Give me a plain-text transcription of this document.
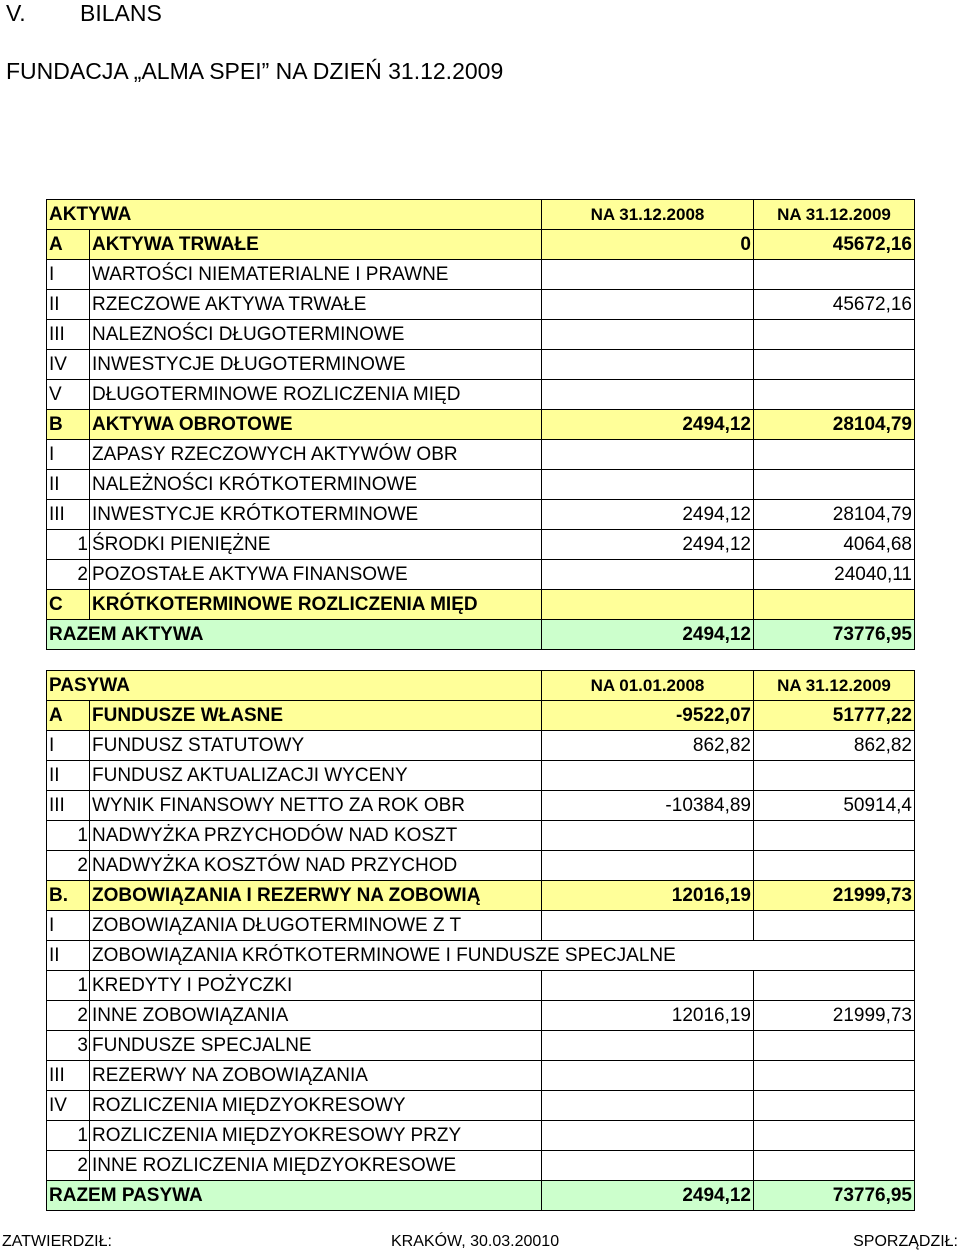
V. BILANS
FUNDACJA „ALMA SPEI” NA DZIEŃ 31.12.2009
AKTYWA		NA 31.12.2008	NA 31.12.2009
A	AKTYWA TRWAŁE	0	45672,16
I	WARTOŚCI NIEMATERIALNE I PRAWNE		
II	RZECZOWE AKTYWA TRWAŁE		45672,16
III	NALEZNOŚCI DŁUGOTERMINOWE		
IV	INWESTYCJE DŁUGOTERMINOWE		
V	DŁUGOTERMINOWE ROZLICZENIA MIĘD		
B	AKTYWA OBROTOWE	2494,12	28104,79
I	ZAPASY RZECZOWYCH AKTYWÓW OBR		
II	NALEŻNOŚCI KRÓTKOTERMINOWE		
III	INWESTYCJE KRÓTKOTERMINOWE	2494,12	28104,79
1	ŚRODKI PIENIĘŻNE	2494,12	4064,68
2	POZOSTAŁE AKTYWA FINANSOWE		24040,11
C	KRÓTKOTERMINOWE ROZLICZENIA MIĘD		
RAZEM AKTYWA		2494,12	73776,95
PASYWA		NA 01.01.2008	NA 31.12.2009
A	FUNDUSZE WŁASNE	-9522,07	51777,22
I	FUNDUSZ STATUTOWY	862,82	862,82
II	FUNDUSZ AKTUALIZACJI WYCENY		
III	WYNIK FINANSOWY NETTO ZA ROK OBR	-10384,89	50914,4
1	NADWYŻKA PRZYCHODÓW NAD KOSZT		
2	NADWYŻKA KOSZTÓW NAD PRZYCHOD		
B.	ZOBOWIĄZANIA I REZERWY NA ZOBOWIĄ	12016,19	21999,73
I	ZOBOWIĄZANIA DŁUGOTERMINOWE Z T		
II	ZOBOWIĄZANIA KRÓTKOTERMINOWE I FUNDUSZE SPECJALNE		
1	KREDYTY I POŻYCZKI		
2	INNE ZOBOWIĄZANIA	12016,19	21999,73
3	FUNDUSZE SPECJALNE		
III	REZERWY NA ZOBOWIĄZANIA		
IV	ROZLICZENIA MIĘDZYOKRESOWY		
1	ROZLICZENIA MIĘDZYOKRESOWY PRZY		
2	INNE ROZLICZENIA MIĘDZYOKRESOWE		
RAZEM PASYWA		2494,12	73776,95
ZATWIERDZIŁ:	KRAKÓW, 30.03.20010	SPORZĄDZIŁ:
